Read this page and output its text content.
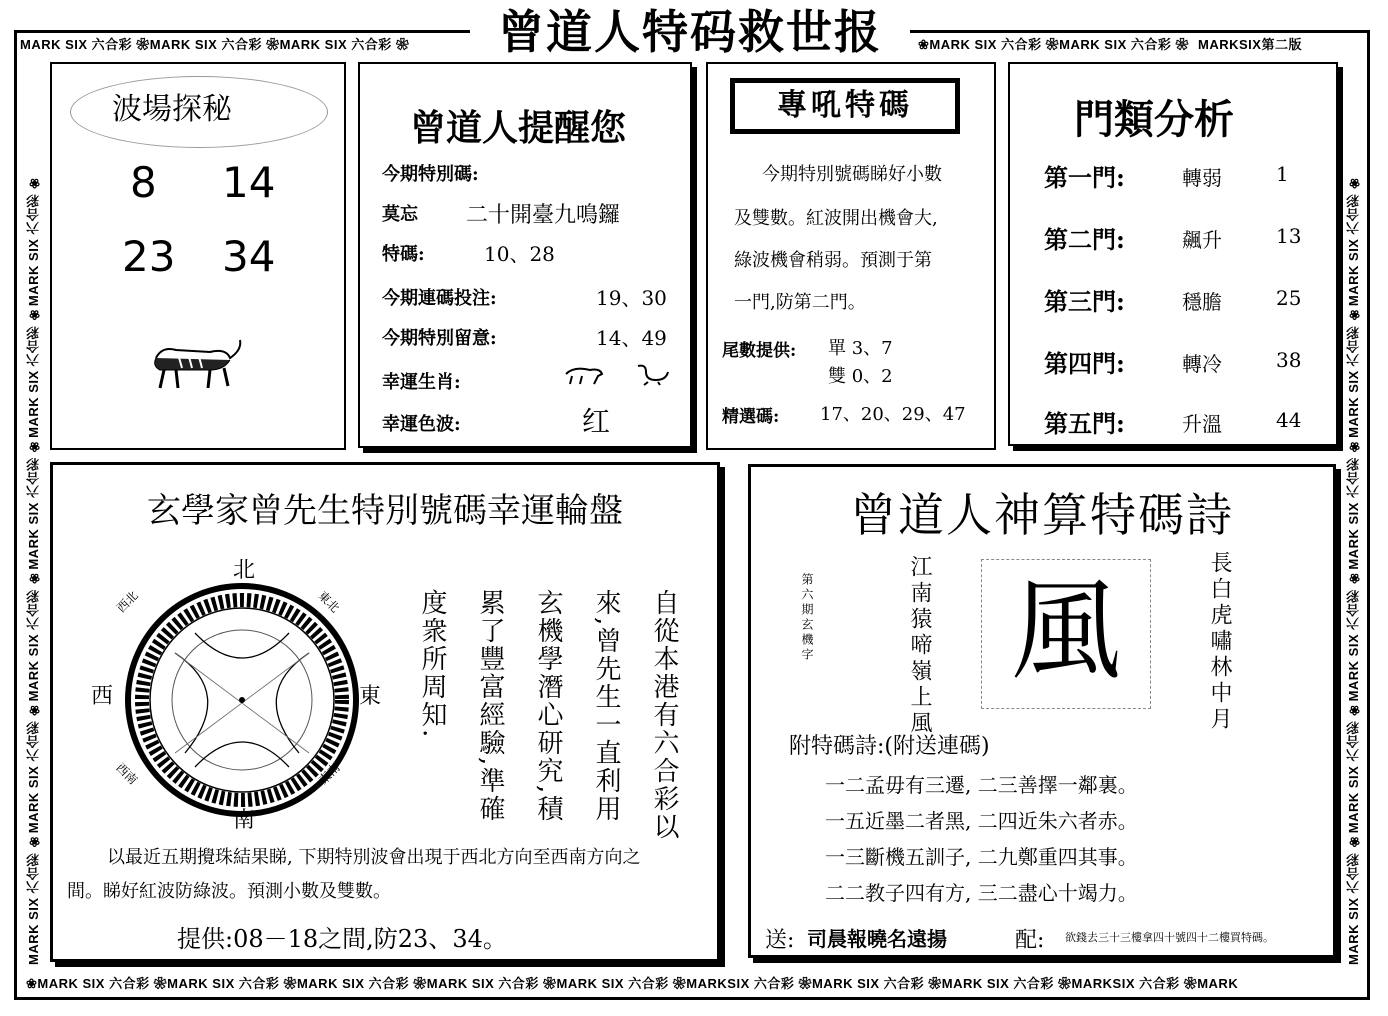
MARK SIX 六合彩 ❀MARK SIX 六合彩 ❀MARK SIX 六合彩 ❀	❀MARK SIX 六合彩 ❀MARK SIX 六合彩 ❀ MARKSIX第二版
❀MARK SIX 六合彩 ❀MARK SIX 六合彩 ❀MARK SIX 六合彩 ❀MARK SIX 六合彩 ❀MARK SIX 六合彩 ❀MARKSIX 六合彩 ❀MARK SIX 六合彩 ❀MARK SIX 六合彩 ❀MARKSIX 六合彩 ❀MARK
MARK SIX 六合彩 ❀MARK SIX 六合彩 ❀MARK SIX 六合彩 ❀MARK SIX 六合彩 ❀MARK SIX 六合彩 ❀MARK SIX 六合彩 ❀	MARK SIX 六合彩 ❀MARK SIX 六合彩 ❀MARK SIX 六合彩 ❀MARK SIX 六合彩 ❀MARK SIX 六合彩 ❀MARK SIX 六合彩 ❀
曾道人特码救世报
波場探秘
8 14
23 34
曾道人提醒您
今期特別碼:
莫忘 二十開臺九鳴鑼
特碼:	10、28
今期連碼投注:	19、30
今期特別留意:	14、49
幸運生肖:
幸運色波:	红
專吼特碼
今期特別號碼睇好小數
及雙數。紅波開出機會大,
綠波機會稍弱。預測于第
一門,防第二門。
尾數提供: 單 3、7
雙 0、2
精選碼: 17、20、29、47
門類分析
第一門:	轉弱	1
第二門:	飆升	13
第三門:	穩膽	25
第四門:	轉冷	38
第五門:	升溫	44
玄學家曾先生特別號碼幸運輪盤
北
南
西	東
西北	東北
西南	東南	自從本港有六合彩以
來,曾先生一直利用
玄機學潛心研究,積
累了豐富經驗,準確
度衆所周知.
以最近五期攪珠結果睇, 下期特別波會出現于西北方向至西南方向之
間。睇好紅波防綠波。預測小數及雙數。
提供:08－18之間,防23、34。
曾道人神算特碼詩
第六期玄機字	江南猿啼嶺上風 風	長白虎嘯林中月
附特碼詩:(附送連碼)
一二孟毋有三遷, 二三善擇一鄰裏。
一五近墨二者黑, 二四近朱六者赤。
一三斷機五訓子, 二九鄭重四其事。
二二教子四有方, 三二盡心十竭力。
送: 司晨報曉名遠揚	配: 欲錢去三十三樓拿四十號四十二樓買特碼。
